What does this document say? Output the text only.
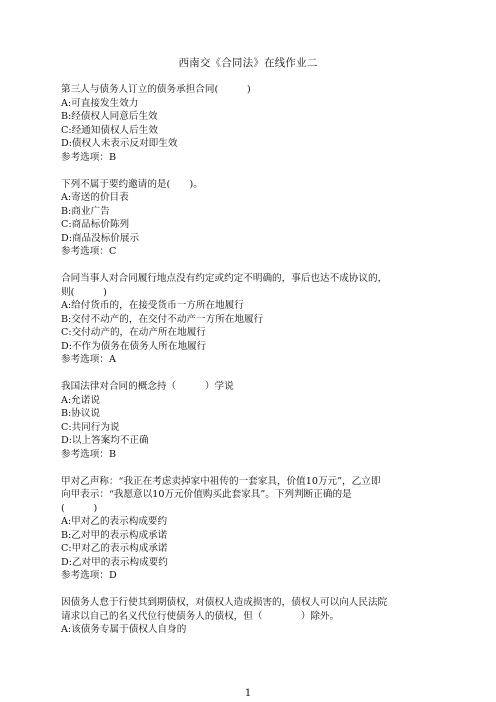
西南交《合同法》在线作业二
第三人与债务人订立的债务承担合同(　　　)
A:可直接发生效力
B:经债权人同意后生效
C:经通知债权人后生效
D:债权人未表示反对即生效
参考选项：B
下列不属于要约邀请的是(　　)。
A:寄送的价目表
B:商业广告
C:商品标价陈列
D:商品没标价展示
参考选项：C
合同当事人对合同履行地点没有约定或约定不明确的，事后也达不成协议的，
则(　　　)
A:给付货币的，在接受货币一方所在地履行
B:交付不动产的，在交付不动产一方所在地履行
C:交付动产的，在动产所在地履行
D:不作为债务在债务人所在地履行
参考选项：A
我国法律对合同的概念持（　　　）学说
A:允诺说
B:协议说
C:共同行为说
D:以上答案均不正确
参考选项：B
甲对乙声称：“我正在考虑卖掉家中祖传的一套家具，价值10万元”，乙立即
向甲表示：“我愿意以10万元价值购买此套家具”。下列判断正确的是
(　　　)
A:甲对乙的表示构成要约
B:乙对甲的表示构成承诺
C:甲对乙的表示构成承诺
D:乙对甲的表示构成要约
参考选项：D
因债务人怠于行使其到期债权，对债权人造成损害的，债权人可以向人民法院
请求以自己的名义代位行使债务人的债权，但（　　　　）除外。
A:该债务专属于债权人自身的
1
